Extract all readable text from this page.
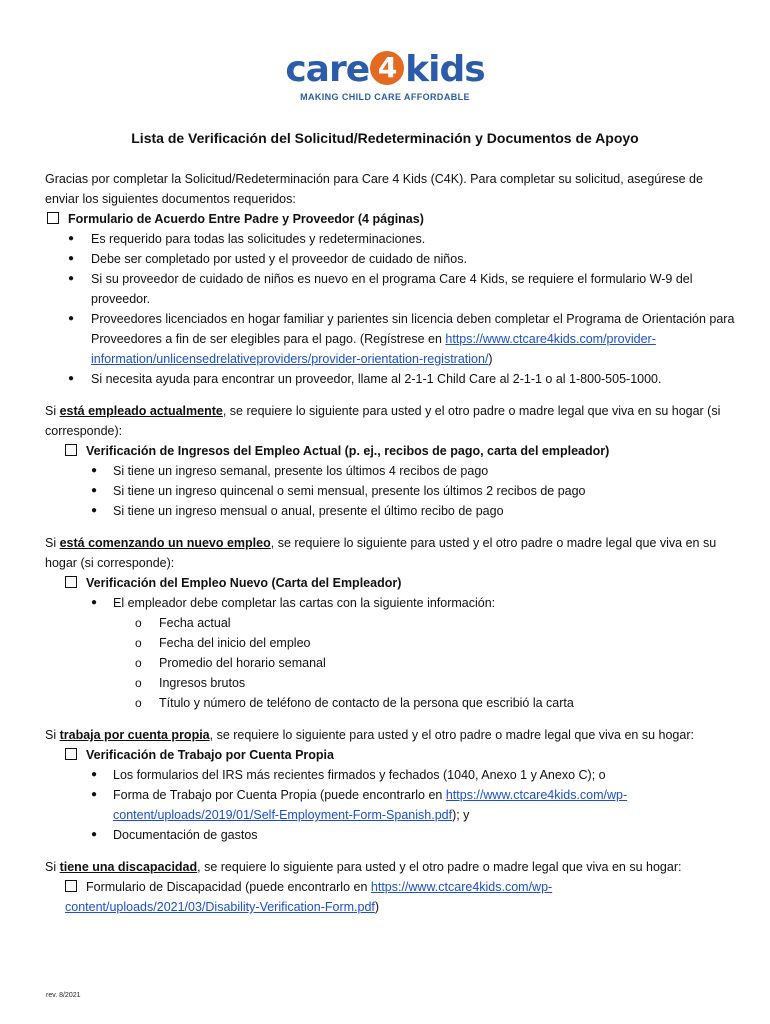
care 4 kids
MAKING CHILD CARE AFFORDABLE
Lista de Verificación del Solicitud/Redeterminación y Documentos de Apoyo

Gracias por completar la Solicitud/Redeterminación para Care 4 Kids (C4K). Para completar su solicitud, asegúrese de enviar los siguientes documentos requeridos:

Formulario de Acuerdo Entre Padre y Proveedor (4 páginas)
● Es requerido para todas las solicitudes y redeterminaciones.
● Debe ser completado por usted y el proveedor de cuidado de niños.
● Si su proveedor de cuidado de niños es nuevo en el programa Care 4 Kids, se requiere el formulario W-9 del proveedor.
● Proveedores licenciados en hogar familiar y parientes sin licencia deben completar el Programa de Orientación para Proveedores a fin de ser elegibles para el pago. (Regístrese en https://www.ctcare4kids.com/provider-information/unlicensedrelativeproviders/provider-orientation-registration/)
● Si necesita ayuda para encontrar un proveedor, llame al 2-1-1 Child Care al 2-1-1 o al 1-800-505-1000.

Si está empleado actualmente, se requiere lo siguiente para usted y el otro padre o madre legal que viva en su hogar (si corresponde):

Verificación de Ingresos del Empleo Actual (p. ej., recibos de pago, carta del empleador)
● Si tiene un ingreso semanal, presente los últimos 4 recibos de pago
● Si tiene un ingreso quincenal o semi mensual, presente los últimos 2 recibos de pago
● Si tiene un ingreso mensual o anual, presente el último recibo de pago

Si está comenzando un nuevo empleo, se requiere lo siguiente para usted y el otro padre o madre legal que viva en su hogar (si corresponde):

Verificación del Empleo Nuevo (Carta del Empleador)
● El empleador debe completar las cartas con la siguiente información:
o Fecha actual
o Fecha del inicio del empleo
o Promedio del horario semanal
o Ingresos brutos
o Título y número de teléfono de contacto de la persona que escribió la carta

Si trabaja por cuenta propia, se requiere lo siguiente para usted y el otro padre o madre legal que viva en su hogar:

Verificación de Trabajo por Cuenta Propia
● Los formularios del IRS más recientes firmados y fechados (1040, Anexo 1 y Anexo C); o
● Forma de Trabajo por Cuenta Propia (puede encontrarlo en https://www.ctcare4kids.com/wp-content/uploads/2019/01/Self-Employment-Form-Spanish.pdf); y
● Documentación de gastos

Si tiene una discapacidad, se requiere lo siguiente para usted y el otro padre o madre legal que viva en su hogar:

Formulario de Discapacidad (puede encontrarlo en https://www.ctcare4kids.com/wp-content/uploads/2021/03/Disability-Verification-Form.pdf)
rev. 8/2021
